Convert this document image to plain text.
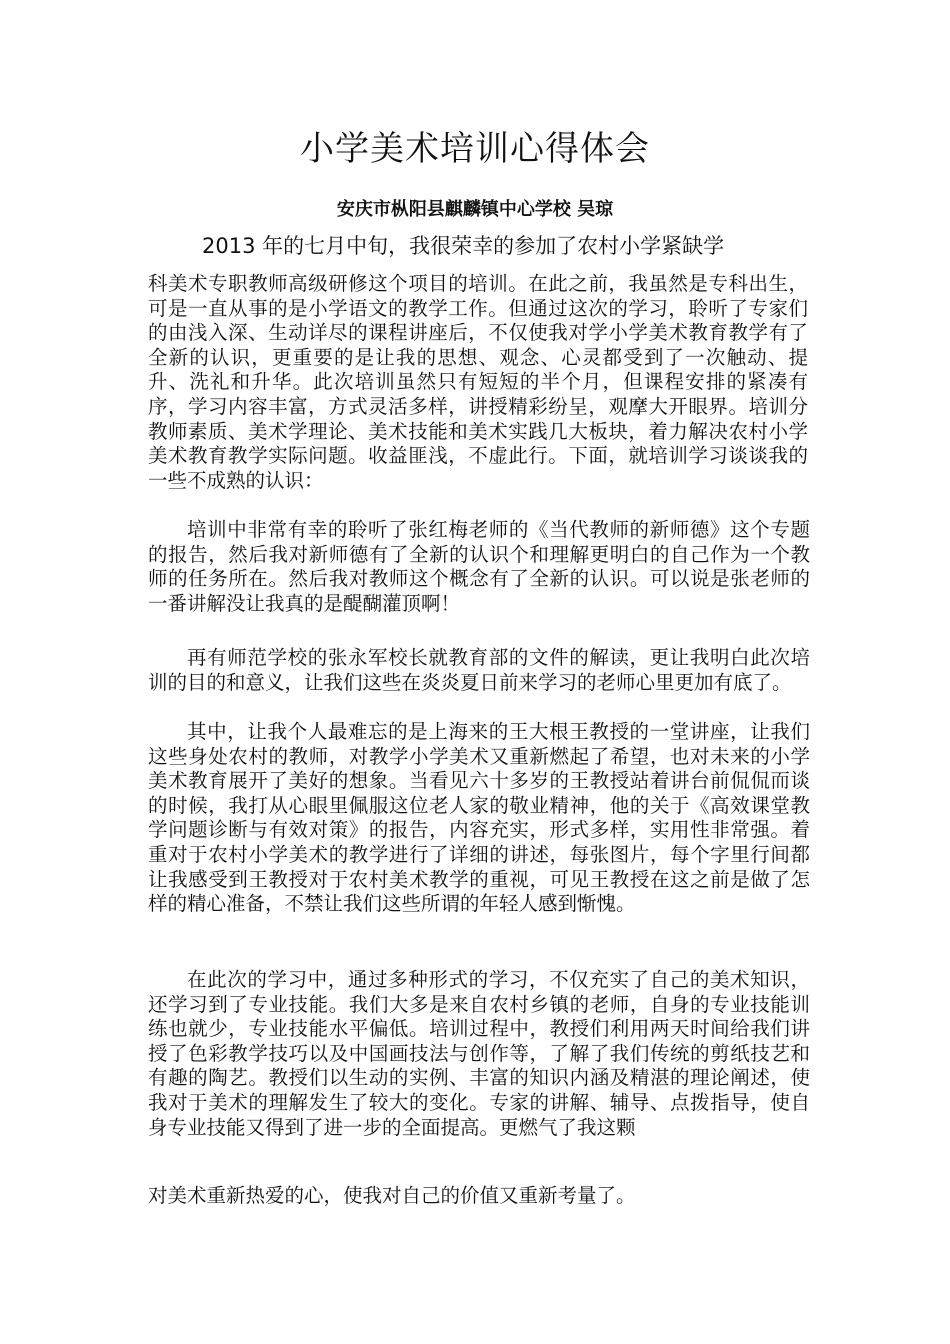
小学美术培训心得体会

安庆市枞阳县麒麟镇中心学校 吴琼

2013 年的七月中旬，我很荣幸的参加了农村小学紧缺学

科美术专职教师高级研修这个项目的培训。在此之前，我虽然是专科出生，可是一直从事的是小学语文的教学工作。但通过这次的学习，聆听了专家们的由浅入深、生动详尽的课程讲座后，不仅使我对学小学美术教育教学有了全新的认识，更重要的是让我的思想、观念、心灵都受到了一次触动、提升、洗礼和升华。此次培训虽然只有短短的半个月，但课程安排的紧凑有序，学习内容丰富，方式灵活多样，讲授精彩纷呈，观摩大开眼界。培训分教师素质、美术学理论、美术技能和美术实践几大板块，着力解决农村小学美术教育教学实际问题。收益匪浅，不虚此行。下面，就培训学习谈谈我的一些不成熟的认识：

培训中非常有幸的聆听了张红梅老师的《当代教师的新师德》这个专题的报告，然后我对新师德有了全新的认识个和理解更明白的自己作为一个教师的任务所在。然后我对教师这个概念有了全新的认识。可以说是张老师的一番讲解没让我真的是醍醐灌顶啊！

再有师范学校的张永军校长就教育部的文件的解读，更让我明白此次培训的目的和意义，让我们这些在炎炎夏日前来学习的老师心里更加有底了。

其中，让我个人最难忘的是上海来的王大根王教授的一堂讲座，让我们这些身处农村的教师，对教学小学美术又重新燃起了希望，也对未来的小学美术教育展开了美好的想象。当看见六十多岁的王教授站着讲台前侃侃而谈的时候，我打从心眼里佩服这位老人家的敬业精神，他的关于《高效课堂教学问题诊断与有效对策》的报告，内容充实，形式多样，实用性非常强。着重对于农村小学美术的教学进行了详细的讲述，每张图片，每个字里行间都让我感受到王教授对于农村美术教学的重视，可见王教授在这之前是做了怎样的精心准备，不禁让我们这些所谓的年轻人感到惭愧。

在此次的学习中，通过多种形式的学习，不仅充实了自己的美术知识，还学习到了专业技能。我们大多是来自农村乡镇的老师，自身的专业技能训练也就少，专业技能水平偏低。培训过程中，教授们利用两天时间给我们讲授了色彩教学技巧以及中国画技法与创作等，了解了我们传统的剪纸技艺和有趣的陶艺。教授们以生动的实例、丰富的知识内涵及精湛的理论阐述，使我对于美术的理解发生了较大的变化。专家的讲解、辅导、点拨指导，使自身专业技能又得到了进一步的全面提高。更燃气了我这颗

对美术重新热爱的心，使我对自己的价值又重新考量了。
